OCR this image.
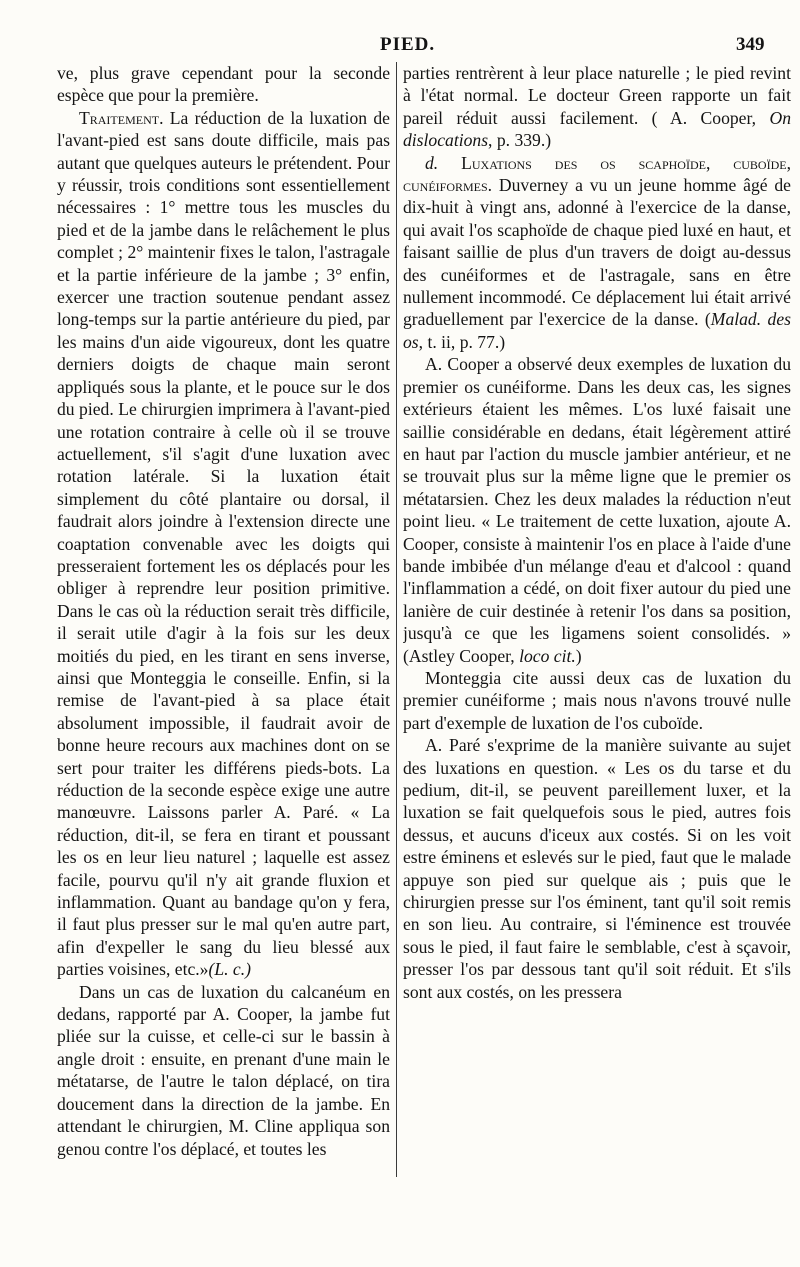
PIED.	349

ve, plus grave cependant pour la seconde espèce que pour la première.

Traitement. La réduction de la luxation de l'avant-pied est sans doute difficile, mais pas autant que quelques auteurs le prétendent. Pour y réussir, trois conditions sont essentiellement nécessaires : 1° mettre tous les muscles du pied et de la jambe dans le relâchement le plus complet ; 2° maintenir fixes le talon, l'astragale et la partie inférieure de la jambe ; 3° enfin, exercer une traction soutenue pendant assez long-temps sur la partie antérieure du pied, par les mains d'un aide vigoureux, dont les quatre derniers doigts de chaque main seront appliqués sous la plante, et le pouce sur le dos du pied. Le chirurgien imprimera à l'avant-pied une rotation contraire à celle où il se trouve actuellement, s'il s'agit d'une luxation avec rotation latérale. Si la luxation était simplement du côté plantaire ou dorsal, il faudrait alors joindre à l'extension directe une coaptation convenable avec les doigts qui presseraient fortement les os déplacés pour les obliger à reprendre leur position primitive. Dans le cas où la réduction serait très difficile, il serait utile d'agir à la fois sur les deux moitiés du pied, en les tirant en sens inverse, ainsi que Monteggia le conseille. Enfin, si la remise de l'avant-pied à sa place était absolument impossible, il faudrait avoir de bonne heure recours aux machines dont on se sert pour traiter les différens pieds-bots. La réduction de la seconde espèce exige une autre manœuvre. Laissons parler A. Paré. « La réduction, dit-il, se fera en tirant et poussant les os en leur lieu naturel ; laquelle est assez facile, pourvu qu'il n'y ait grande fluxion et inflammation. Quant au bandage qu'on y fera, il faut plus presser sur le mal qu'en autre part, afin d'expeller le sang du lieu blessé aux parties voisines, etc.»(L. c.)

Dans un cas de luxation du calcanéum en dedans, rapporté par A. Cooper, la jambe fut pliée sur la cuisse, et celle-ci sur le bassin à angle droit : ensuite, en prenant d'une main le métatarse, de l'autre le talon déplacé, on tira doucement dans la direction de la jambe. En attendant le chirurgien, M. Cline appliqua son genou contre l'os déplacé, et toutes les

parties rentrèrent à leur place naturelle ; le pied revint à l'état normal. Le docteur Green rapporte un fait pareil réduit aussi facilement. ( A. Cooper, On dislocations, p. 339.)

d. Luxations des os scaphoïde, cuboïde, cunéiformes. Duverney a vu un jeune homme âgé de dix-huit à vingt ans, adonné à l'exercice de la danse, qui avait l'os scaphoïde de chaque pied luxé en haut, et faisant saillie de plus d'un travers de doigt au-dessus des cunéiformes et de l'astragale, sans en être nullement incommodé. Ce déplacement lui était arrivé graduellement par l'exercice de la danse. (Malad. des os, t. ii, p. 77.)

A. Cooper a observé deux exemples de luxation du premier os cunéiforme. Dans les deux cas, les signes extérieurs étaient les mêmes. L'os luxé faisait une saillie considérable en dedans, était légèrement attiré en haut par l'action du muscle jambier antérieur, et ne se trouvait plus sur la même ligne que le premier os métatarsien. Chez les deux malades la réduction n'eut point lieu. « Le traitement de cette luxation, ajoute A. Cooper, consiste à maintenir l'os en place à l'aide d'une bande imbibée d'un mélange d'eau et d'alcool : quand l'inflammation a cédé, on doit fixer autour du pied une lanière de cuir destinée à retenir l'os dans sa position, jusqu'à ce que les ligamens soient consolidés. » (Astley Cooper, loco cit.)

Monteggia cite aussi deux cas de luxation du premier cunéiforme ; mais nous n'avons trouvé nulle part d'exemple de luxation de l'os cuboïde.

A. Paré s'exprime de la manière suivante au sujet des luxations en question. « Les os du tarse et du pedium, dit-il, se peuvent pareillement luxer, et la luxation se fait quelquefois sous le pied, autres fois dessus, et aucuns d'iceux aux costés. Si on les voit estre éminens et eslevés sur le pied, faut que le malade appuye son pied sur quelque ais ; puis que le chirurgien presse sur l'os éminent, tant qu'il soit remis en son lieu. Au contraire, si l'éminence est trouvée sous le pied, il faut faire le semblable, c'est à sçavoir, presser l'os par dessous tant qu'il soit réduit. Et s'ils sont aux costés, on les pressera
